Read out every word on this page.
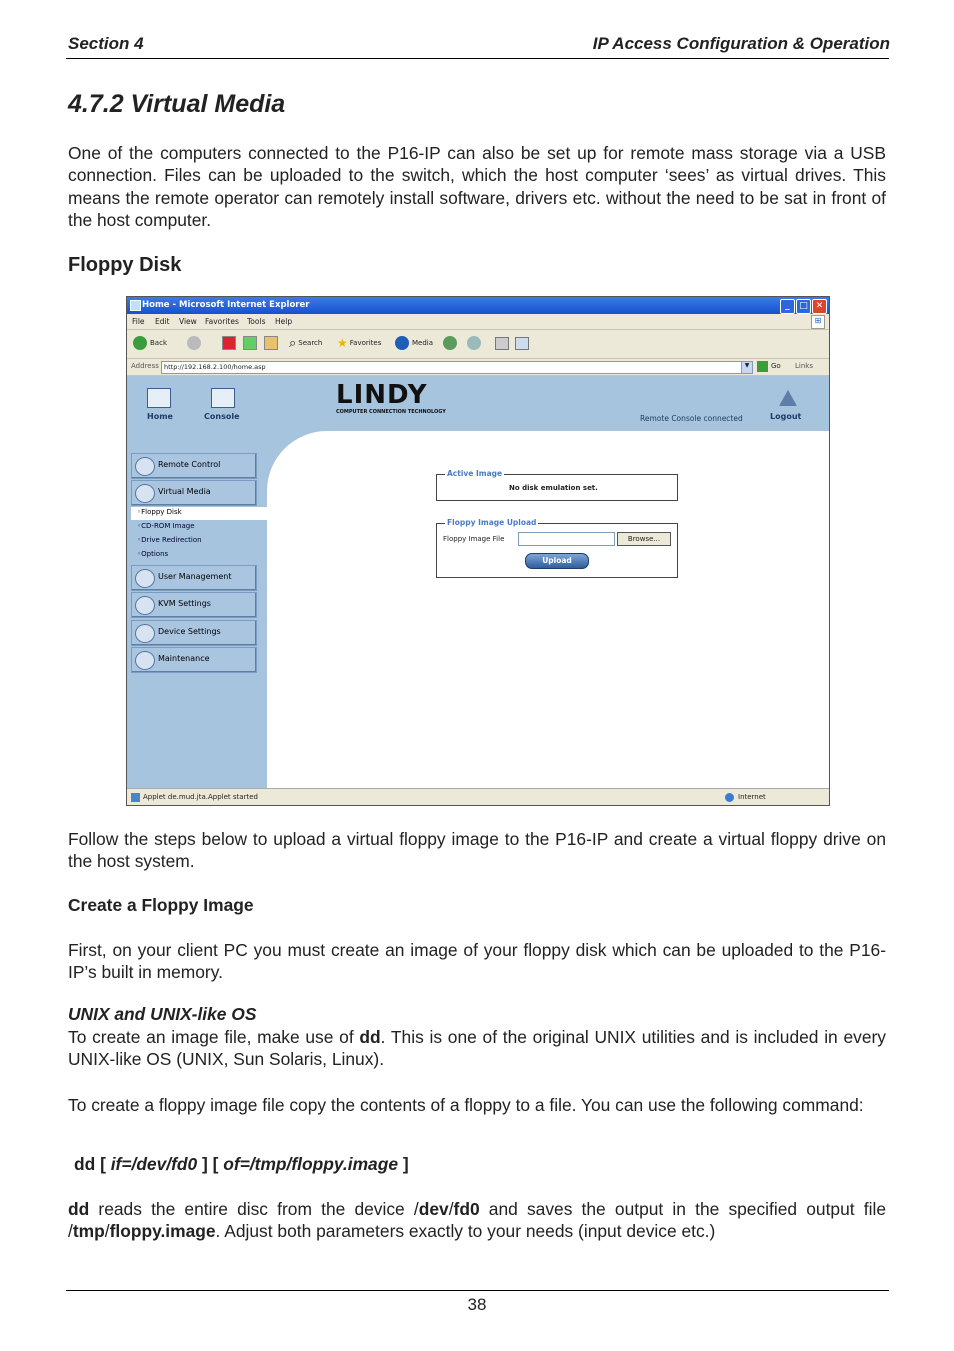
Section 4	IP Access Configuration & Operation
4.7.2 Virtual Media
One of the computers connected to the P16-IP can also be set up for remote mass storage via a USB connection. Files can be uploaded to the switch, which the host computer ‘sees’ as virtual drives. This means the remote operator can remotely install software, drivers etc. without the need to be sat in front of the host computer.
Floppy Disk
Home - Microsoft Internet Explorer	_	□ ✕
File Edit View Favorites Tools Help	⊞
Back	⌕ Search ★ Favorites	Media
Address http://192.168.2.100/home.asp	▼	Go Links
Home	Console
LINDY
COMPUTER CONNECTION TECHNOLOGY
Remote Console connected	Logout
Remote Control
Virtual Media
◦Floppy Disk
◦CD-ROM Image
◦Drive Redirection
◦Options
User Management
KVM Settings
Device Settings
Maintenance
Active Image
No disk emulation set.
Floppy Image Upload
Floppy Image File	Browse...
Upload
Applet de.mud.jta.Applet started	Internet
Follow the steps below to upload a virtual floppy image to the P16-IP and create a virtual floppy drive on the host system.
Create a Floppy Image
First, on your client PC you must create an image of your floppy disk which can be uploaded to the P16-IP’s built in memory.
UNIX and UNIX-like OS
To create an image file, make use of dd. This is one of the original UNIX utilities and is included in every UNIX-like OS (UNIX, Sun Solaris, Linux).
To create a floppy image file copy the contents of a floppy to a file. You can use the following command:
dd [ if=/dev/fd0 ] [ of=/tmp/floppy.image ]
dd reads the entire disc from the device /dev/fd0 and saves the output in the specified output file /tmp/floppy.image. Adjust both parameters exactly to your needs (input device etc.)
38
